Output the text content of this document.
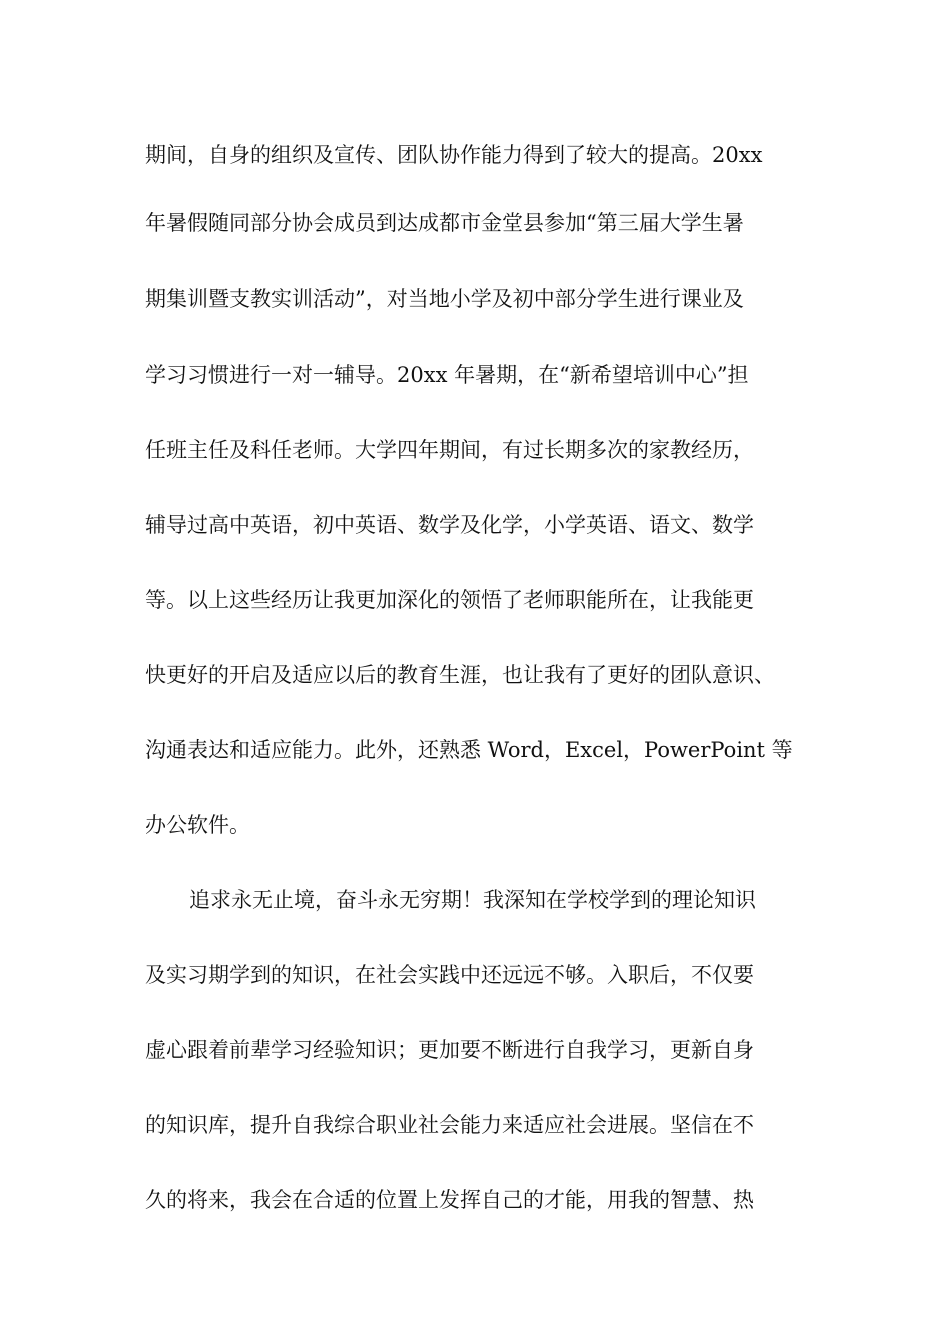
期间，自身的组织及宣传、团队协作能力得到了较大的提高。20xx
年暑假随同部分协会成员到达成都市金堂县参加“第三届大学生暑
期集训暨支教实训活动”，对当地小学及初中部分学生进行课业及
学习习惯进行一对一辅导。20xx 年暑期，在“新希望培训中心”担
任班主任及科任老师。大学四年期间，有过长期多次的家教经历，
辅导过高中英语，初中英语、数学及化学，小学英语、语文、数学
等。以上这些经历让我更加深化的领悟了老师职能所在，让我能更
快更好的开启及适应以后的教育生涯，也让我有了更好的团队意识、
沟通表达和适应能力。此外，还熟悉 Word，Excel，PowerPoint 等
办公软件。
追求永无止境，奋斗永无穷期！我深知在学校学到的理论知识
及实习期学到的知识，在社会实践中还远远不够。入职后，不仅要
虚心跟着前辈学习经验知识；更加要不断进行自我学习，更新自身
的知识库，提升自我综合职业社会能力来适应社会进展。坚信在不
久的将来，我会在合适的位置上发挥自己的才能，用我的智慧、热
